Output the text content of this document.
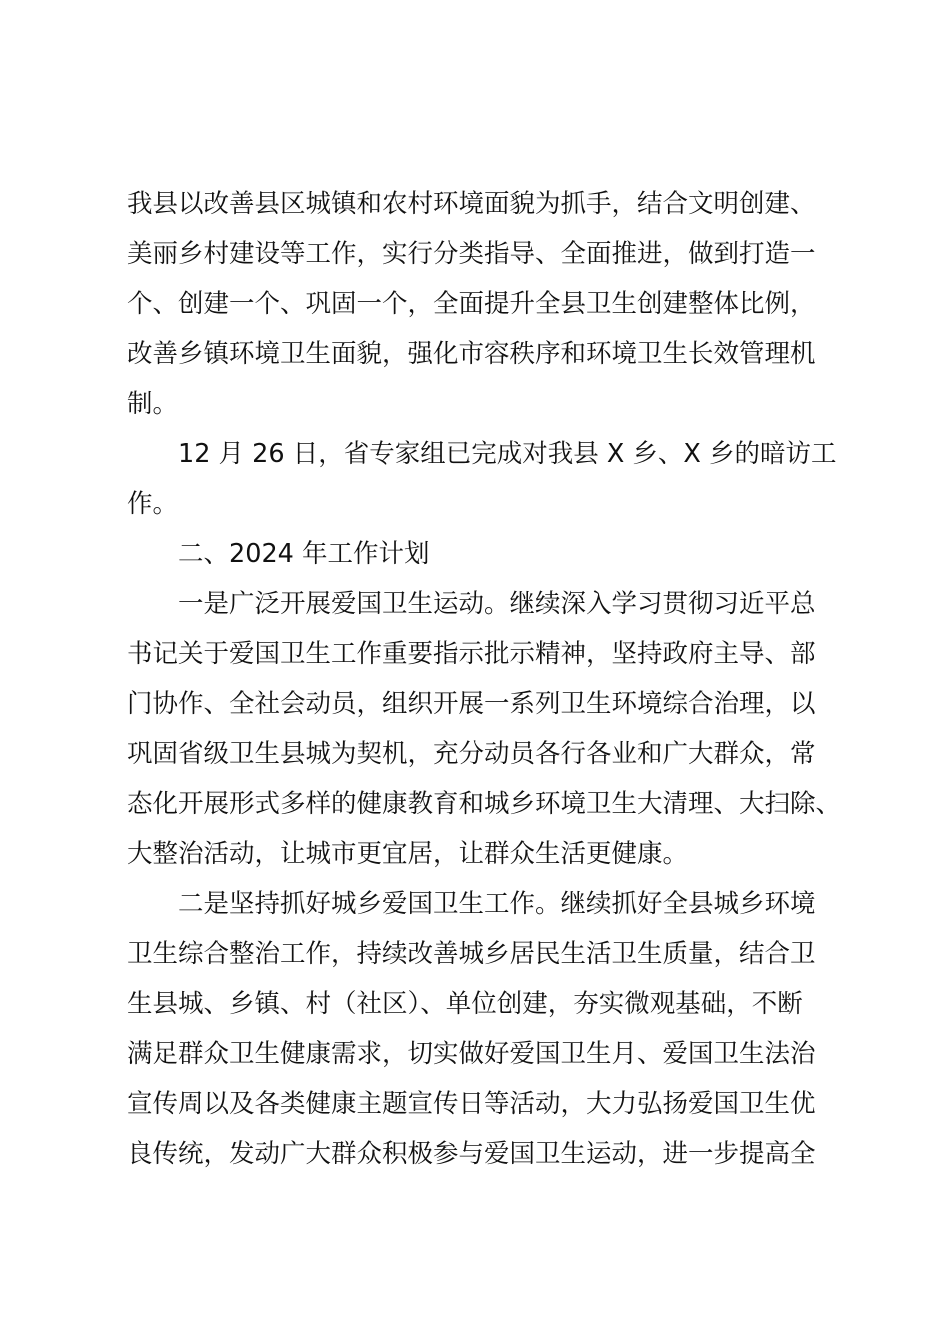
我县以改善县区城镇和农村环境面貌为抓手，结合文明创建、
美丽乡村建设等工作，实行分类指导、全面推进，做到打造一
个、创建一个、巩固一个，全面提升全县卫生创建整体比例，
改善乡镇环境卫生面貌，强化市容秩序和环境卫生长效管理机
制。

12 月 26 日，省专家组已完成对我县 X 乡、X 乡的暗访工
作。

二、2024 年工作计划

一是广泛开展爱国卫生运动。继续深入学习贯彻习近平总
书记关于爱国卫生工作重要指示批示精神，坚持政府主导、部
门协作、全社会动员，组织开展一系列卫生环境综合治理，以
巩固省级卫生县城为契机，充分动员各行各业和广大群众，常
态化开展形式多样的健康教育和城乡环境卫生大清理、大扫除、
大整治活动，让城市更宜居，让群众生活更健康。

二是坚持抓好城乡爱国卫生工作。继续抓好全县城乡环境
卫生综合整治工作，持续改善城乡居民生活卫生质量，结合卫
生县城、乡镇、村（社区）、单位创建，夯实微观基础，不断
满足群众卫生健康需求，切实做好爱国卫生月、爱国卫生法治
宣传周以及各类健康主题宣传日等活动，大力弘扬爱国卫生优
良传统，发动广大群众积极参与爱国卫生运动，进一步提高全
